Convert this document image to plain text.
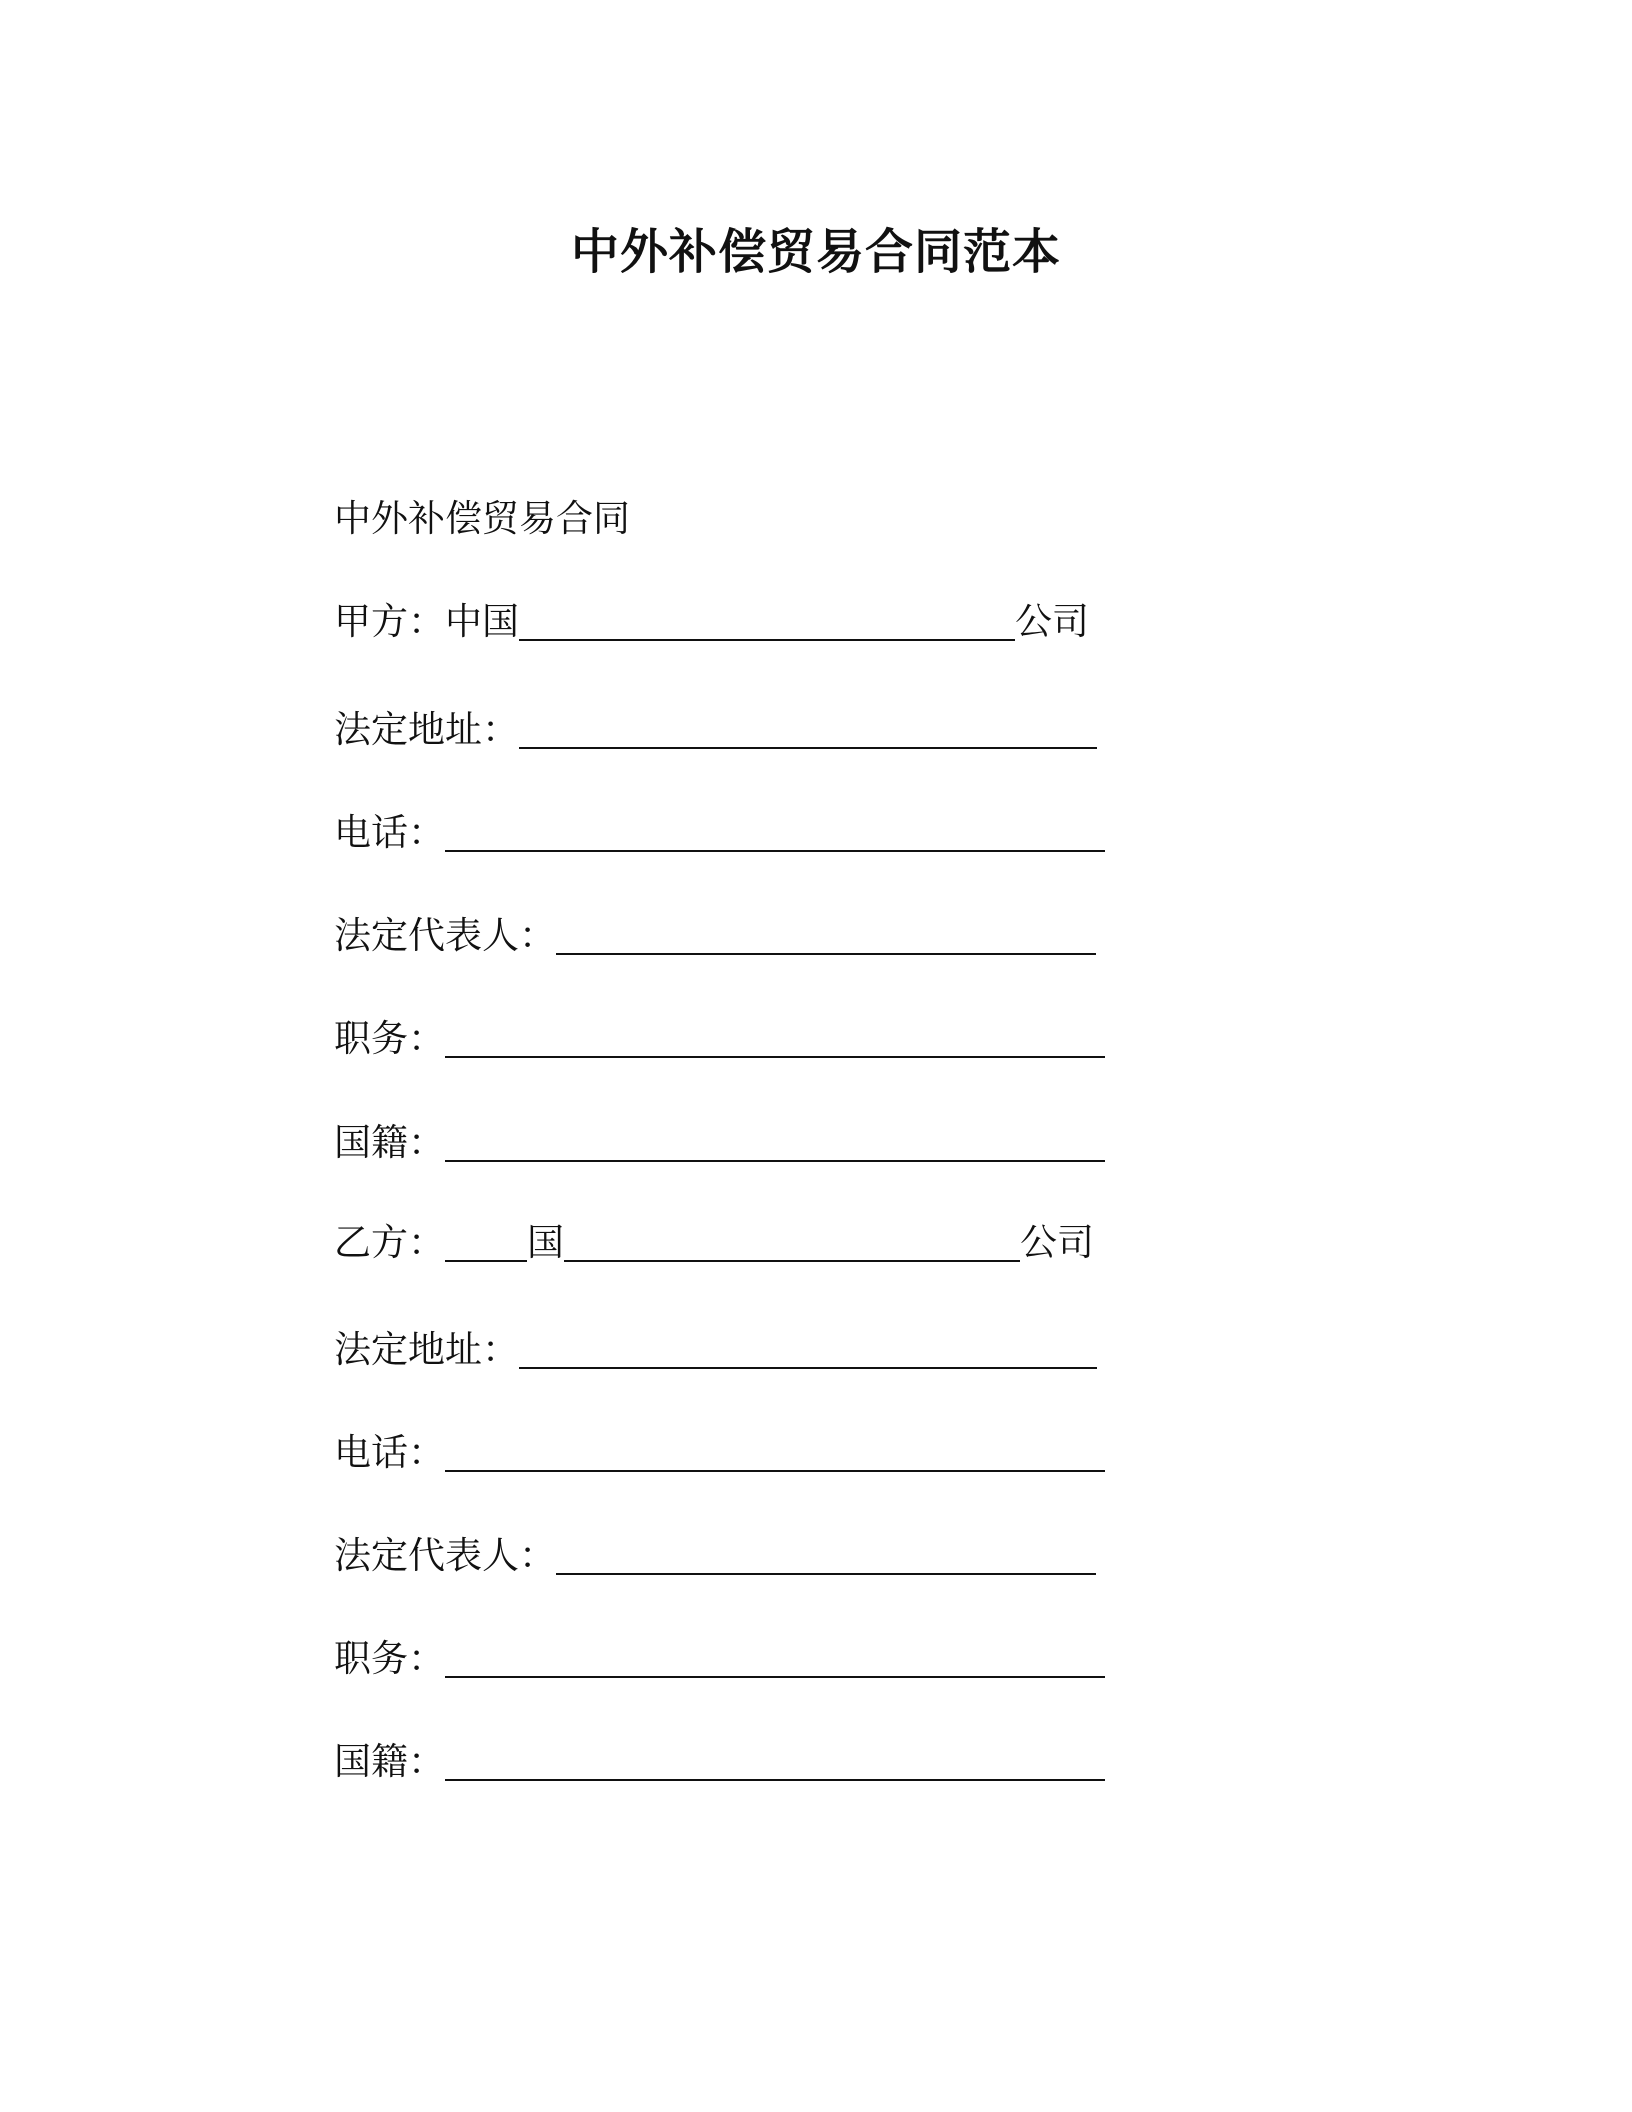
中外补偿贸易合同范本
中外补偿贸易合同
甲方：中国	公司
法定地址：
电话：
法定代表人：
职务：
国籍：
乙方： 国	公司
法定地址：
电话：
法定代表人：
职务：
国籍：
